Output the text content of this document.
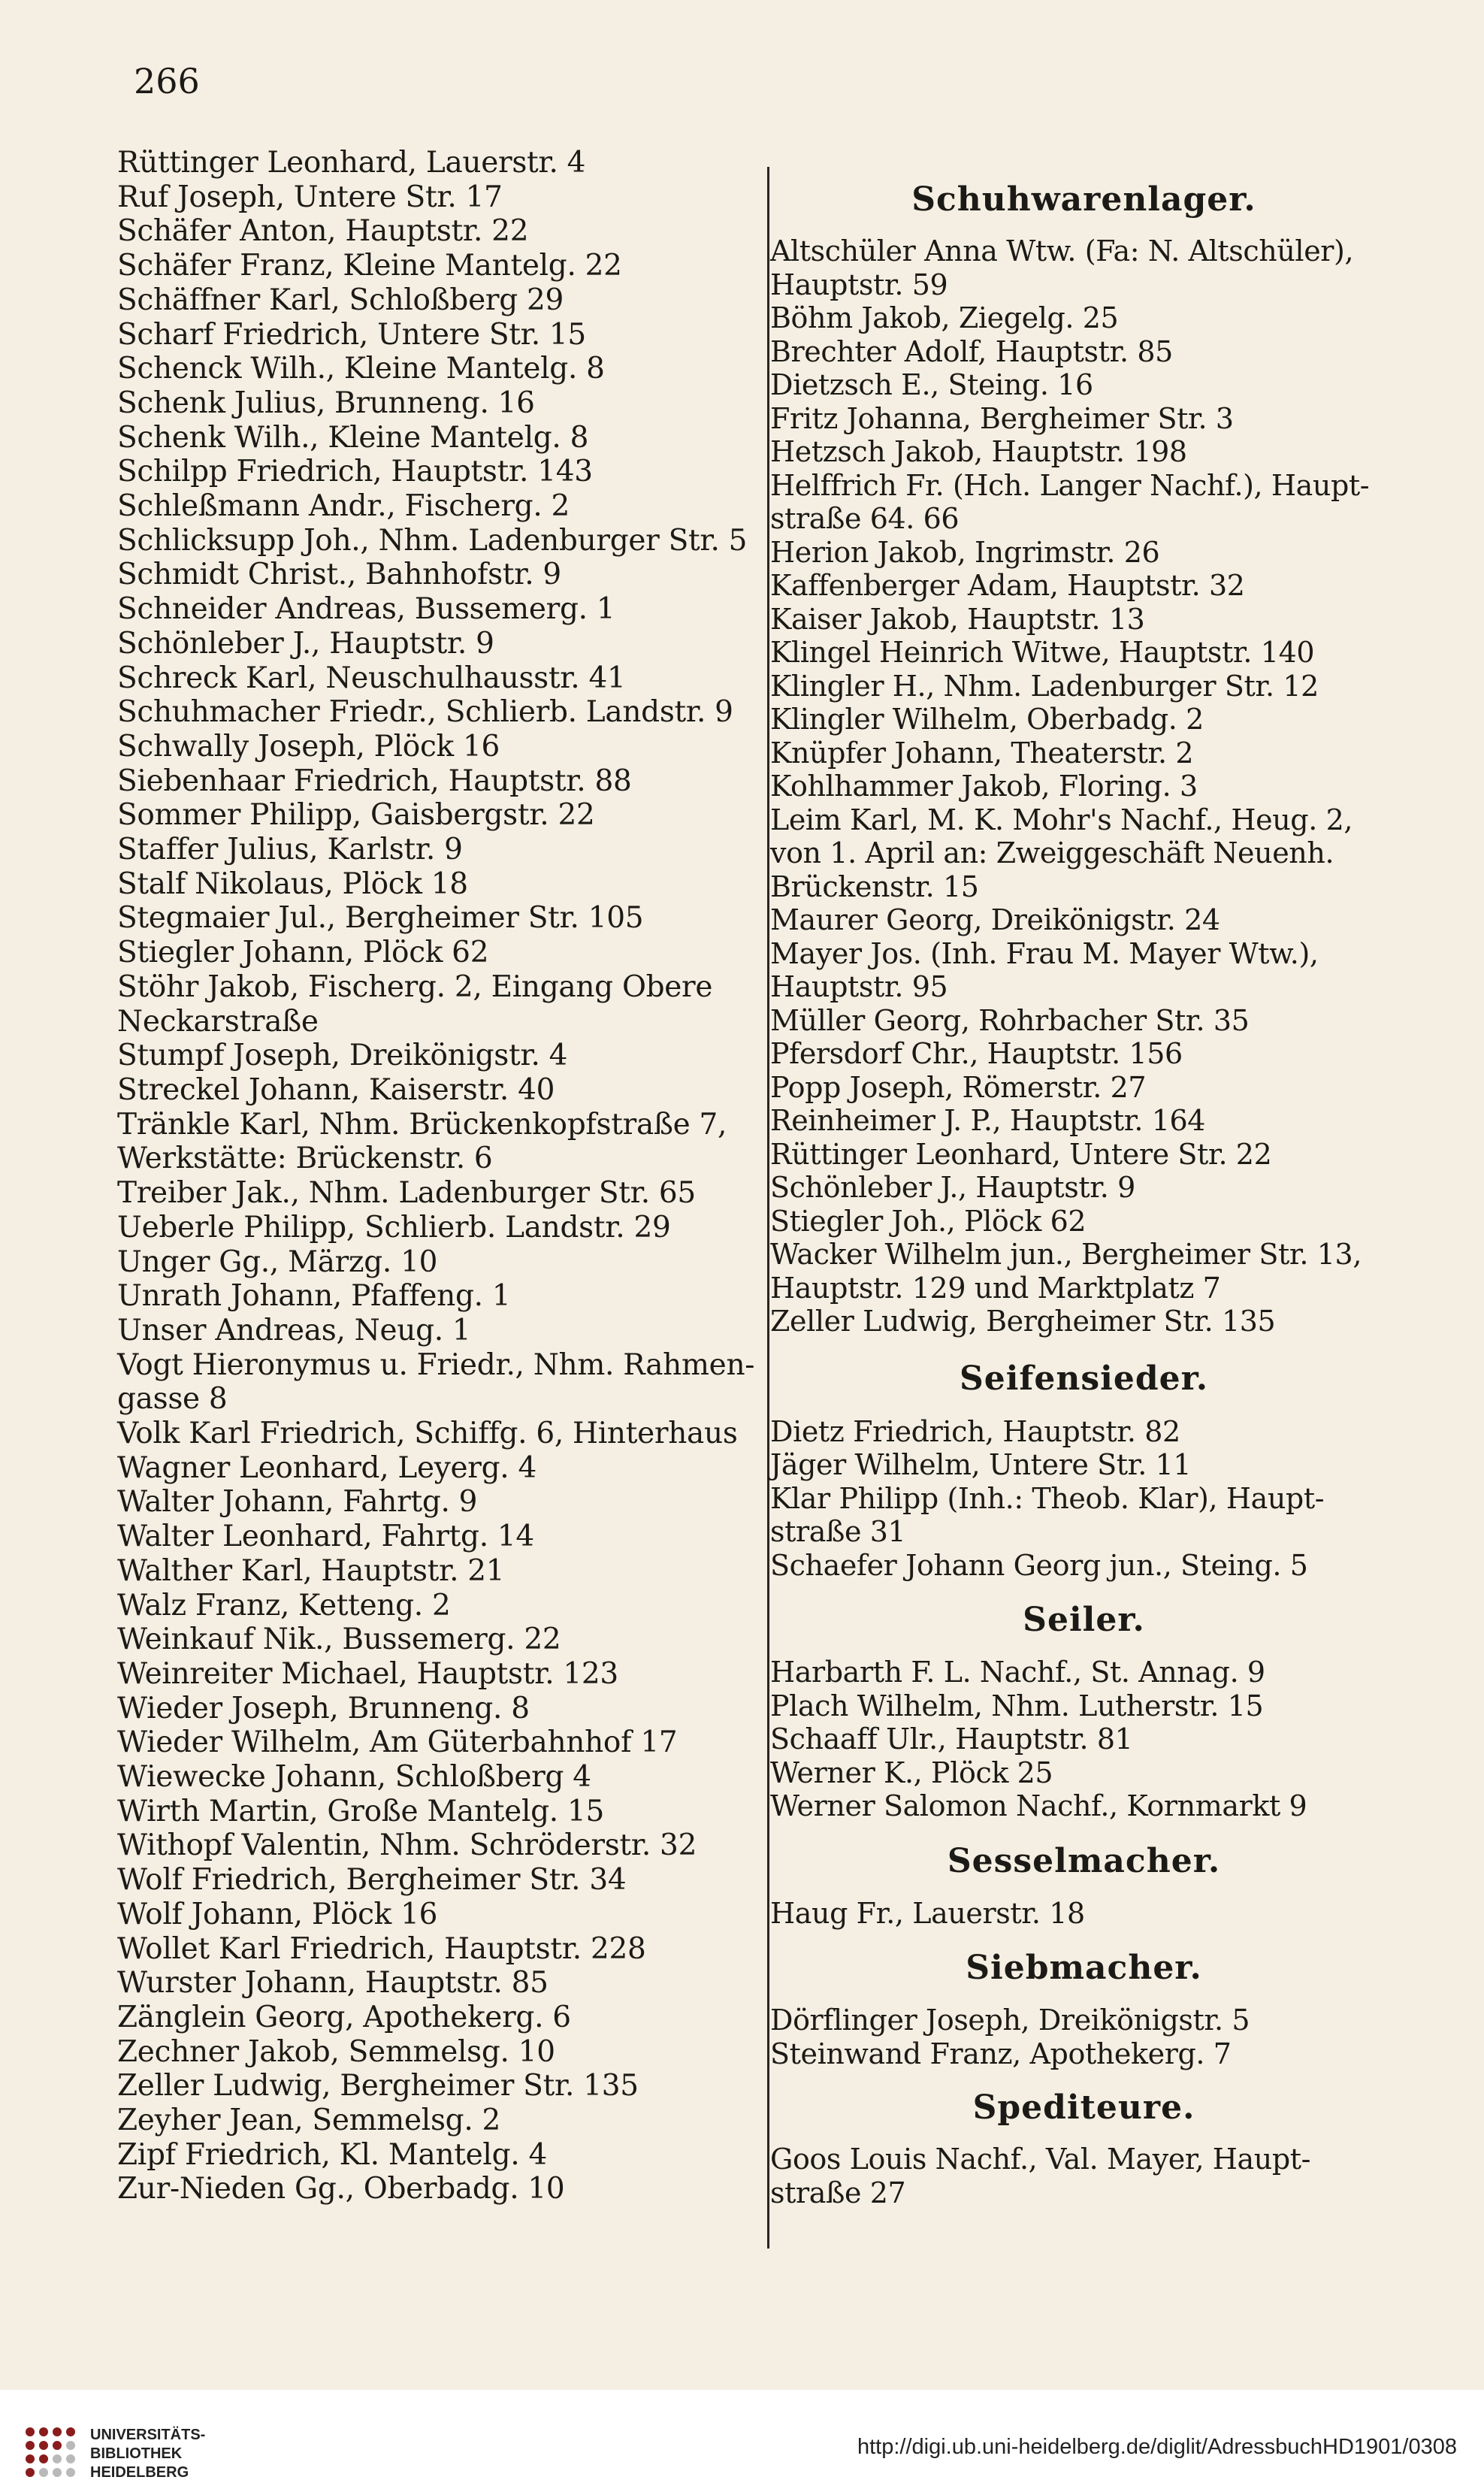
266
Rüttinger Leonhard, Lauerstr. 4
Ruf Joseph, Untere Str. 17
Schäfer Anton, Hauptstr. 22
Schäfer Franz, Kleine Mantelg. 22
Schäffner Karl, Schloßberg 29
Scharf Friedrich, Untere Str. 15
Schenck Wilh., Kleine Mantelg. 8
Schenk Julius, Brunneng. 16
Schenk Wilh., Kleine Mantelg. 8
Schilpp Friedrich, Hauptstr. 143
Schleßmann Andr., Fischerg. 2
Schlicksupp Joh., Nhm. Ladenburger Str. 5
Schmidt Christ., Bahnhofstr. 9
Schneider Andreas, Bussemerg. 1
Schönleber J., Hauptstr. 9
Schreck Karl, Neuschulhausstr. 41
Schuhmacher Friedr., Schlierb. Landstr. 9
Schwally Joseph, Plöck 16
Siebenhaar Friedrich, Hauptstr. 88
Sommer Philipp, Gaisbergstr. 22
Staffer Julius, Karlstr. 9
Stalf Nikolaus, Plöck 18
Stegmaier Jul., Bergheimer Str. 105
Stiegler Johann, Plöck 62
Stöhr Jakob, Fischerg. 2, Eingang Obere
Neckarstraße
Stumpf Joseph, Dreikönigstr. 4
Streckel Johann, Kaiserstr. 40
Tränkle Karl, Nhm. Brückenkopfstraße 7,
Werkstätte: Brückenstr. 6
Treiber Jak., Nhm. Ladenburger Str. 65
Ueberle Philipp, Schlierb. Landstr. 29
Unger Gg., Märzg. 10
Unrath Johann, Pfaffeng. 1
Unser Andreas, Neug. 1
Vogt Hieronymus u. Friedr., Nhm. Rahmen-
gasse 8
Volk Karl Friedrich, Schiffg. 6, Hinterhaus
Wagner Leonhard, Leyerg. 4
Walter Johann, Fahrtg. 9
Walter Leonhard, Fahrtg. 14
Walther Karl, Hauptstr. 21
Walz Franz, Ketteng. 2
Weinkauf Nik., Bussemerg. 22
Weinreiter Michael, Hauptstr. 123
Wieder Joseph, Brunneng. 8
Wieder Wilhelm, Am Güterbahnhof 17
Wiewecke Johann, Schloßberg 4
Wirth Martin, Große Mantelg. 15
Withopf Valentin, Nhm. Schröderstr. 32
Wolf Friedrich, Bergheimer Str. 34
Wolf Johann, Plöck 16
Wollet Karl Friedrich, Hauptstr. 228
Wurster Johann, Hauptstr. 85
Zänglein Georg, Apothekerg. 6
Zechner Jakob, Semmelsg. 10
Zeller Ludwig, Bergheimer Str. 135
Zeyher Jean, Semmelsg. 2
Zipf Friedrich, Kl. Mantelg. 4
Zur-Nieden Gg., Oberbadg. 10
Schuhwarenlager.
Altschüler Anna Wtw. (Fa: N. Altschüler),
Hauptstr. 59
Böhm Jakob, Ziegelg. 25
Brechter Adolf, Hauptstr. 85
Dietzsch E., Steing. 16
Fritz Johanna, Bergheimer Str. 3
Hetzsch Jakob, Hauptstr. 198
Helffrich Fr. (Hch. Langer Nachf.), Haupt-
straße 64. 66
Herion Jakob, Ingrimstr. 26
Kaffenberger Adam, Hauptstr. 32
Kaiser Jakob, Hauptstr. 13
Klingel Heinrich Witwe, Hauptstr. 140
Klingler H., Nhm. Ladenburger Str. 12
Klingler Wilhelm, Oberbadg. 2
Knüpfer Johann, Theaterstr. 2
Kohlhammer Jakob, Floring. 3
Leim Karl, M. K. Mohr's Nachf., Heug. 2,
von 1. April an: Zweiggeschäft Neuenh.
Brückenstr. 15
Maurer Georg, Dreikönigstr. 24
Mayer Jos. (Inh. Frau M. Mayer Wtw.),
Hauptstr. 95
Müller Georg, Rohrbacher Str. 35
Pfersdorf Chr., Hauptstr. 156
Popp Joseph, Römerstr. 27
Reinheimer J. P., Hauptstr. 164
Rüttinger Leonhard, Untere Str. 22
Schönleber J., Hauptstr. 9
Stiegler Joh., Plöck 62
Wacker Wilhelm jun., Bergheimer Str. 13,
Hauptstr. 129 und Marktplatz 7
Zeller Ludwig, Bergheimer Str. 135
Seifensieder.
Dietz Friedrich, Hauptstr. 82
Jäger Wilhelm, Untere Str. 11
Klar Philipp (Inh.: Theob. Klar), Haupt-
straße 31
Schaefer Johann Georg jun., Steing. 5
Seiler.
Harbarth F. L. Nachf., St. Annag. 9
Plach Wilhelm, Nhm. Lutherstr. 15
Schaaff Ulr., Hauptstr. 81
Werner K., Plöck 25
Werner Salomon Nachf., Kornmarkt 9
Sesselmacher.
Haug Fr., Lauerstr. 18
Siebmacher.
Dörflinger Joseph, Dreikönigstr. 5
Steinwand Franz, Apothekerg. 7
Spediteure.
Goos Louis Nachf., Val. Mayer, Haupt-
straße 27
UNIVERSITÄTS-
BIBLIOTHEK
HEIDELBERG
http://digi.ub.uni-heidelberg.de/diglit/AdressbuchHD1901/0308
